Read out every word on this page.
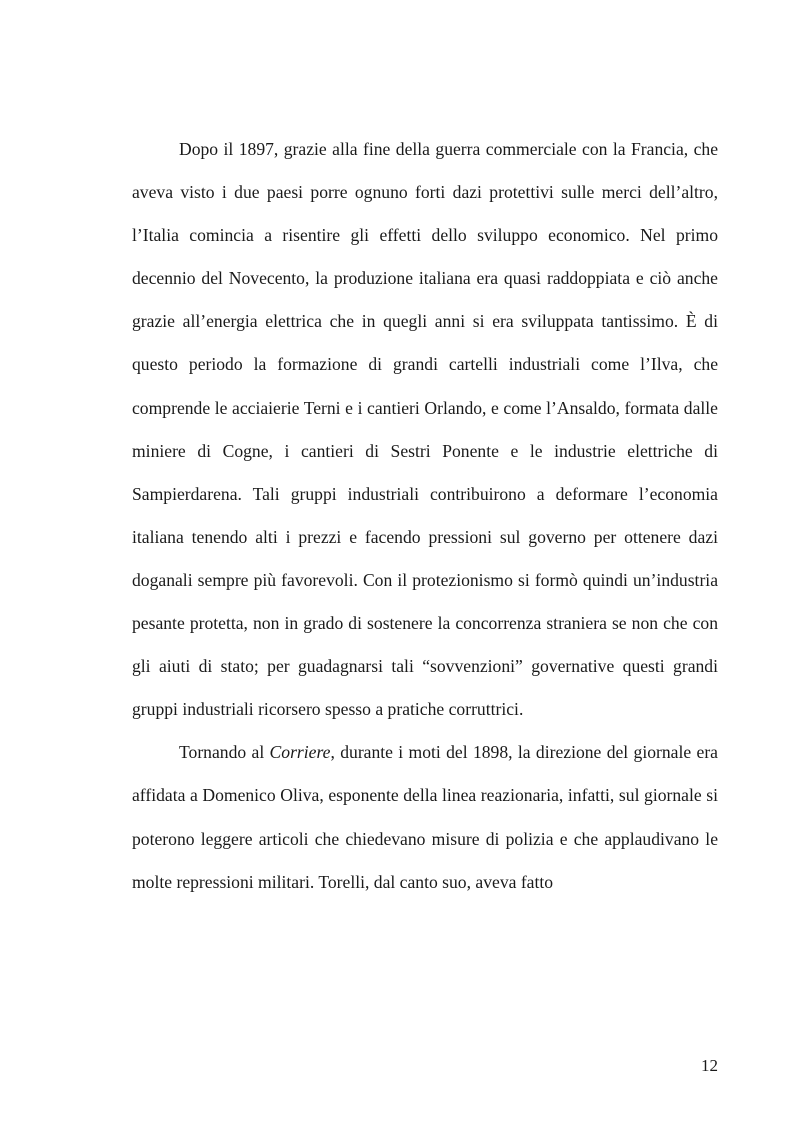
Dopo il 1897, grazie alla fine della guerra commerciale con la Francia, che aveva visto i due paesi porre ognuno forti dazi protettivi sulle merci dell’altro, l’Italia comincia a risentire gli effetti dello sviluppo economico. Nel primo decennio del Novecento, la produzione italiana era quasi raddoppiata e ciò anche grazie all’energia elettrica che in quegli anni si era sviluppata tantissimo. È di questo periodo la formazione di grandi cartelli industriali come l’Ilva, che comprende le acciaierie Terni e i cantieri Orlando, e come l’Ansaldo, formata dalle miniere di Cogne, i cantieri di Sestri Ponente e le industrie elettriche di Sampierdarena. Tali gruppi industriali contribuirono a deformare l’economia italiana tenendo alti i prezzi e facendo pressioni sul governo per ottenere dazi doganali sempre più favorevoli. Con il protezionismo si formò quindi un’industria pesante protetta, non in grado di sostenere la concorrenza straniera se non che con gli aiuti di stato; per guadagnarsi tali “sovvenzioni” governative questi grandi gruppi industriali ricorsero spesso a pratiche corruttrici.

Tornando al Corriere, durante i moti del 1898, la direzione del giornale era affidata a Domenico Oliva, esponente della linea reazionaria, infatti, sul giornale si poterono leggere articoli che chiedevano misure di polizia e che applaudivano le molte repressioni militari. Torelli, dal canto suo, aveva fatto

12
